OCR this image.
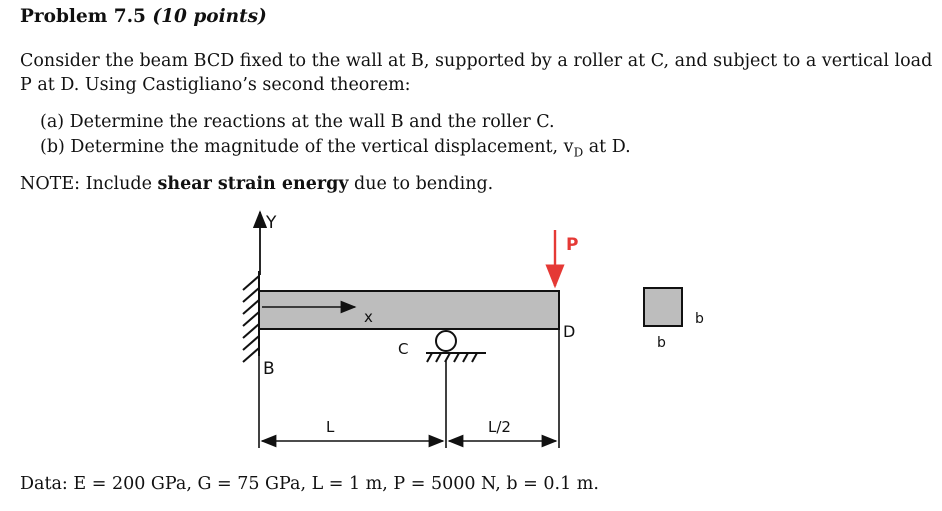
Problem 7.5 (10 points)
Consider the beam BCD fixed to the wall at B, supported by a roller at C, and subject to a vertical load
P at D. Using Castigliano’s second theorem:
(a) Determine the reactions at the wall B and the roller C.
(b) Determine the magnitude of the vertical displacement, $v_D$ at D.
NOTE: Include shear strain energy due to bending.
Y
x
C
B
D
P
L	L/2
b
b
Data: E = 200 GPa, G = 75 GPa, L = 1 m, P = 5000 N, b = 0.1 m.
